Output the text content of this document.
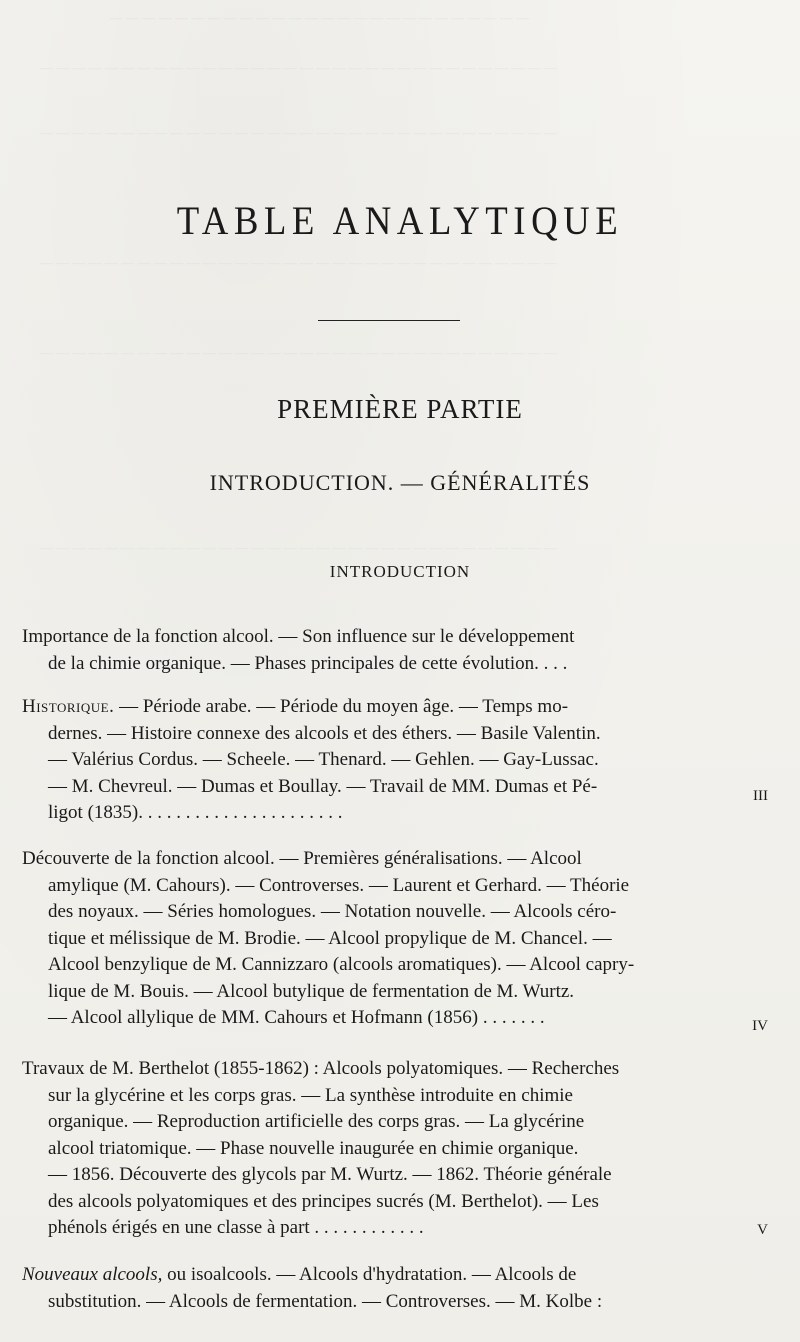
— — — — — — — — — — — — — — — — — — — — — — — — — —
— — — — — — — — — — — — — — — — — — — — — — — — — — — — — — — —
— — — — — — — — — — — — — — — — — — — — — — — — — — — — — — — —
— — — — — — — — — — — — — — — — — — — — — — — — — — — — — — — —
— — — — — — — — — — — — — — — — — — — — — — — — — — — — — — — —
— — — — — — — — — — — — — — — — — — — — — — — — — — — — — — — —
TABLE ANALYTIQUE
PREMIÈRE PARTIE
INTRODUCTION. — GÉNÉRALITÉS
INTRODUCTION
Importance de la fonction alcool. — Son influence sur le développement
de la chimie organique. — Phases principales de cette évolution. . . .
Historique. — Période arabe. — Période du moyen âge. — Temps mo-
dernes. — Histoire connexe des alcools et des éthers. — Basile Valentin.
— Valérius Cordus. — Scheele. — Thenard. — Gehlen. — Gay-Lussac.
— M. Chevreul. — Dumas et Boullay. — Travail de MM. Dumas et Pé-
ligot (1835). . . . . . . . . . . . . . . . . . . . . .
III
Découverte de la fonction alcool. — Premières généralisations. — Alcool
amylique (M. Cahours). — Controverses. — Laurent et Gerhard. — Théorie
des noyaux. — Séries homologues. — Notation nouvelle. — Alcools céro-
tique et mélissique de M. Brodie. — Alcool propylique de M. Chancel. —
Alcool benzylique de M. Cannizzaro (alcools aromatiques). — Alcool capry-
lique de M. Bouis. — Alcool butylique de fermentation de M. Wurtz.
— Alcool allylique de MM. Cahours et Hofmann (1856) . . . . . . .	IV
Travaux de M. Berthelot (1855-1862) : Alcools polyatomiques. — Recherches
sur la glycérine et les corps gras. — La synthèse introduite en chimie
organique. — Reproduction artificielle des corps gras. — La glycérine
alcool triatomique. — Phase nouvelle inaugurée en chimie organique.
— 1856. Découverte des glycols par M. Wurtz. — 1862. Théorie générale
des alcools polyatomiques et des principes sucrés (M. Berthelot). — Les
phénols érigés en une classe à part . . . . . . . . . . . .	V
Nouveaux alcools, ou isoalcools. — Alcools d'hydratation. — Alcools de
substitution. — Alcools de fermentation. — Controverses. — M. Kolbe :
